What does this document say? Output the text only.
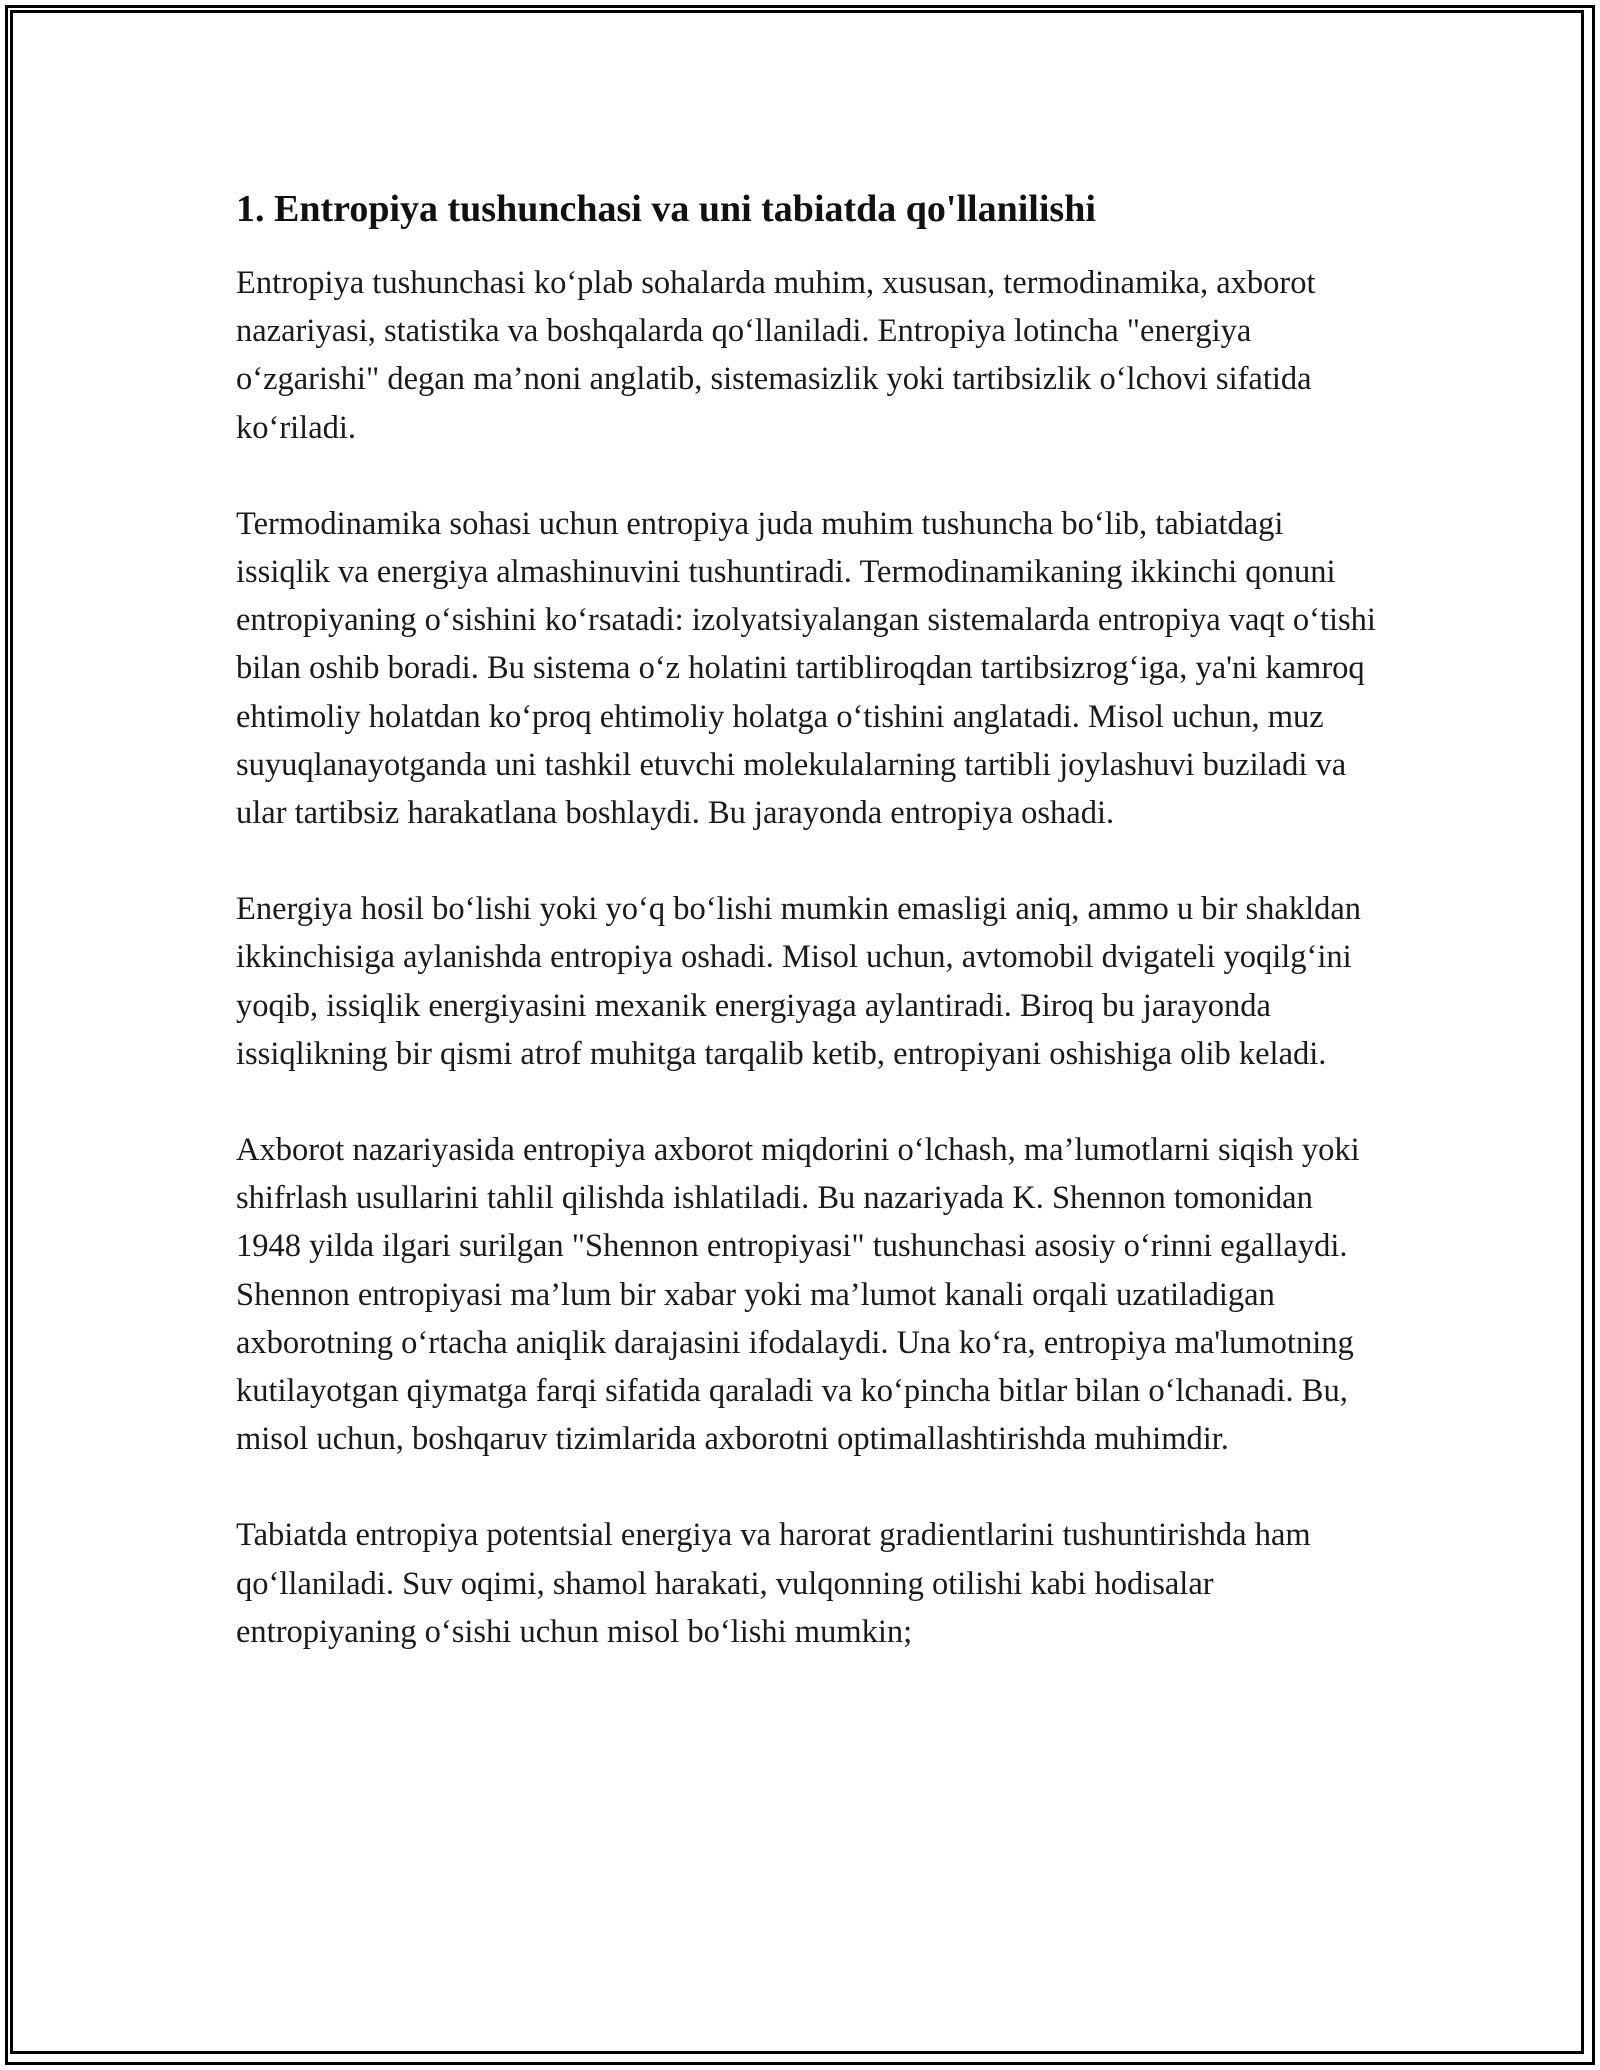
1. Entropiya tushunchasi va uni tabiatda qo'llanilishi

Entropiya tushunchasi ko‘plab sohalarda muhim, xususan, termodinamika, axborot nazariyasi, statistika va boshqalarda qo‘llaniladi. Entropiya lotincha "energiya o‘zgarishi" degan ma’noni anglatib, sistemasizlik yoki tartibsizlik o‘lchovi sifatida ko‘riladi.

Termodinamika sohasi uchun entropiya juda muhim tushuncha bo‘lib, tabiatdagi issiqlik va energiya almashinuvini tushuntiradi. Termodinamikaning ikkinchi qonuni entropiyaning o‘sishini ko‘rsatadi: izolyatsiyalangan sistemalarda entropiya vaqt o‘tishi bilan oshib boradi. Bu sistema o‘z holatini tartibliroqdan tartibsizrog‘iga, ya'ni kamroq ehtimoliy holatdan ko‘proq ehtimoliy holatga o‘tishini anglatadi. Misol uchun, muz suyuqlanayotganda uni tashkil etuvchi molekulalarning tartibli joylashuvi buziladi va ular tartibsiz harakatlana boshlaydi. Bu jarayonda entropiya oshadi.

Energiya hosil bo‘lishi yoki yo‘q bo‘lishi mumkin emasligi aniq, ammo u bir shakldan ikkinchisiga aylanishda entropiya oshadi. Misol uchun, avtomobil dvigateli yoqilg‘ini yoqib, issiqlik energiyasini mexanik energiyaga aylantiradi. Biroq bu jarayonda issiqlikning bir qismi atrof muhitga tarqalib ketib, entropiyani oshishiga olib keladi.

Axborot nazariyasida entropiya axborot miqdorini o‘lchash, ma’lumotlarni siqish yoki shifrlash usullarini tahlil qilishda ishlatiladi. Bu nazariyada K. Shennon tomonidan 1948 yilda ilgari surilgan "Shennon entropiyasi" tushunchasi asosiy o‘rinni egallaydi. Shennon entropiyasi ma’lum bir xabar yoki ma’lumot kanali orqali uzatiladigan axborotning o‘rtacha aniqlik darajasini ifodalaydi. Una ko‘ra, entropiya ma'lumotning kutilayotgan qiymatga farqi sifatida qaraladi va ko‘pincha bitlar bilan o‘lchanadi. Bu, misol uchun, boshqaruv tizimlarida axborotni optimallashtirishda muhimdir.

Tabiatda entropiya potentsial energiya va harorat gradientlarini tushuntirishda ham qo‘llaniladi. Suv oqimi, shamol harakati, vulqonning otilishi kabi hodisalar entropiyaning o‘sishi uchun misol bo‘lishi mumkin;
